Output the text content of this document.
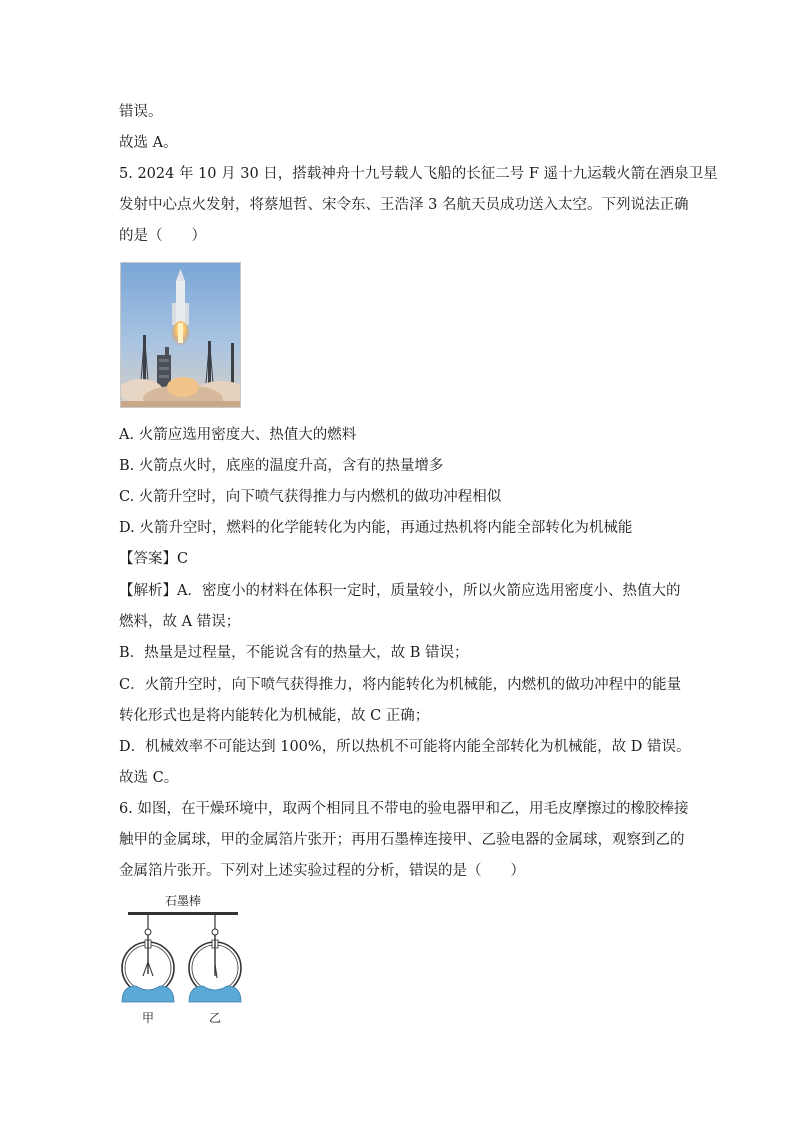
错误。
故选 A。
5. 2024 年 10 月 30 日，搭载神舟十九号载人飞船的长征二号 F 遥十九运载火箭在酒泉卫星
发射中心点火发射，将蔡旭哲、宋令东、王浩泽 3 名航天员成功送入太空。下列说法正确
的是（　　）
A. 火箭应选用密度大、热值大的燃料
B. 火箭点火时，底座的温度升高，含有的热量增多
C. 火箭升空时，向下喷气获得推力与内燃机的做功冲程相似
D. 火箭升空时，燃料的化学能转化为内能，再通过热机将内能全部转化为机械能
【答案】C
【解析】A．密度小的材料在体积一定时，质量较小，所以火箭应选用密度小、热值大的
燃料，故 A 错误；
B．热量是过程量，不能说含有的热量大，故 B 错误；
C．火箭升空时，向下喷气获得推力，将内能转化为机械能，内燃机的做功冲程中的能量
转化形式也是将内能转化为机械能，故 C 正确；
D．机械效率不可能达到 100%，所以热机不可能将内能全部转化为机械能，故 D 错误。
故选 C。
6. 如图，在干燥环境中，取两个相同且不带电的验电器甲和乙，用毛皮摩擦过的橡胶棒接
触甲的金属球，甲的金属箔片张开；再用石墨棒连接甲、乙验电器的金属球，观察到乙的
金属箔片张开。下列对上述实验过程的分析，错误的是（　　）
石墨棒
甲	乙
